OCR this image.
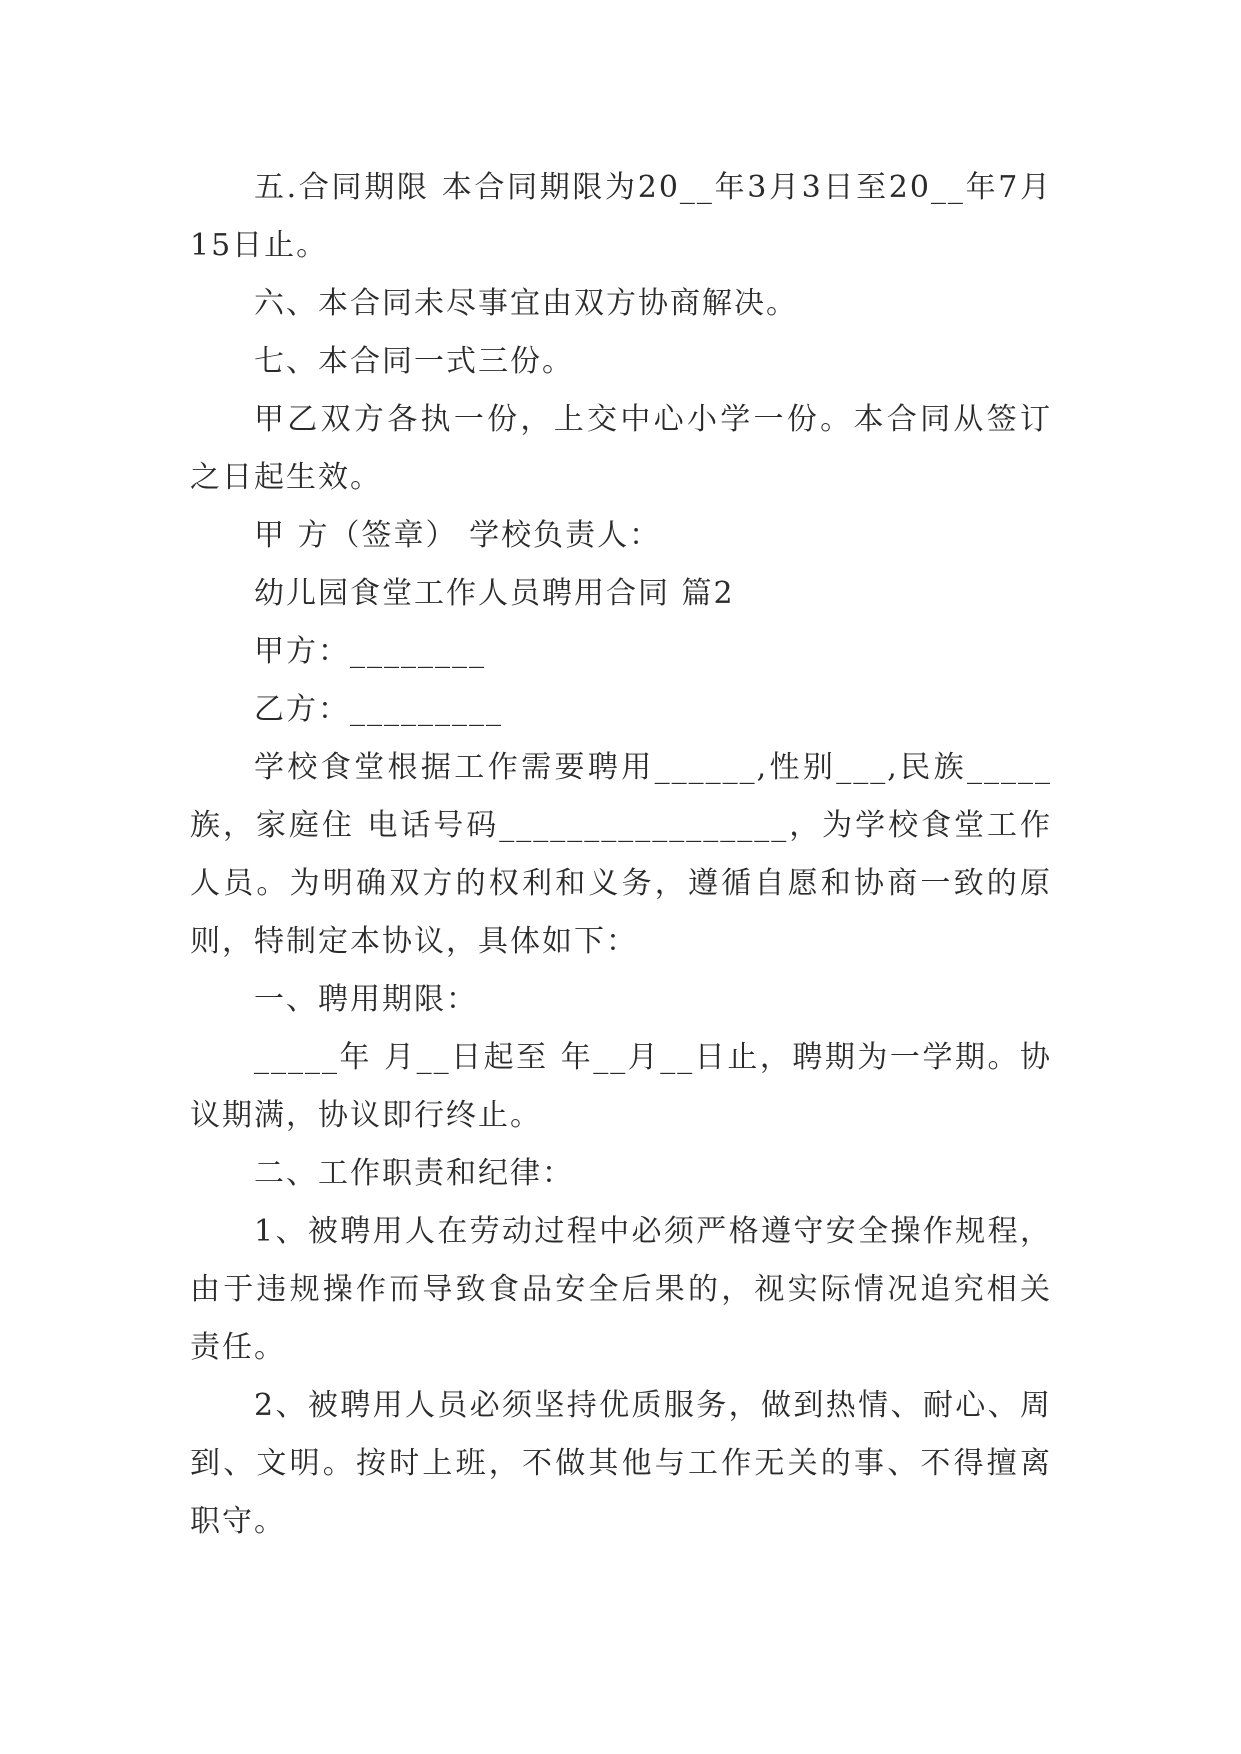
五.合同期限 本合同期限为20__年3月3日至20__年7月15日止。

六、本合同未尽事宜由双方协商解决。

七、本合同一式三份。

甲乙双方各执一份，上交中心小学一份。本合同从签订之日起生效。

甲 方（签章） 学校负责人：

幼儿园食堂工作人员聘用合同 篇2

甲方：________

乙方：_________

学校食堂根据工作需要聘用______,性别___,民族_____族，家庭住 电话号码_________________，为学校食堂工作人员。为明确双方的权利和义务，遵循自愿和协商一致的原则，特制定本协议，具体如下：

一、聘用期限：

_____年 月__日起至 年__月__日止，聘期为一学期。协议期满，协议即行终止。

二、工作职责和纪律：

1、被聘用人在劳动过程中必须严格遵守安全操作规程，由于违规操作而导致食品安全后果的，视实际情况追究相关责任。

2、被聘用人员必须坚持优质服务，做到热情、耐心、周到、文明。按时上班，不做其他与工作无关的事、不得擅离职守。
